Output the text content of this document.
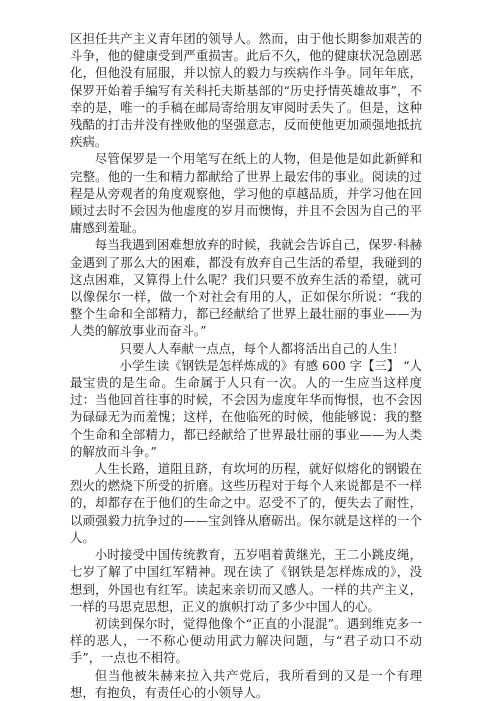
区担任共产主义青年团的领导人。然而，由于他长期参加艰苦的斗争，他的健康受到严重损害。此后不久，他的健康状况急剧恶化，但他没有屈服，并以惊人的毅力与疾病作斗争。同年年底，保罗开始着手编写有关科托夫斯基部的“历史抒情英雄故事”，不幸的是，唯一的手稿在邮局寄给朋友审阅时丢失了。但是，这种残酷的打击并没有挫败他的坚强意志，反而使他更加顽强地抵抗疾病。

尽管保罗是一个用笔写在纸上的人物，但是他是如此新鲜和完整。他的一生和精力都献给了世界上最宏伟的事业。阅读的过程是从旁观者的角度观察他，学习他的卓越品质，并学习他在回顾过去时不会因为他虚度的岁月而懊悔，并且不会因为自己的平庸感到羞耻。

每当我遇到困难想放弃的时候，我就会告诉自己，保罗·科赫金遇到了那么大的困难，都没有放弃自己生活的希望，我碰到的这点困难，又算得上什么呢？我们只要不放弃生活的希望，就可以像保尔一样，做一个对社会有用的人，正如保尔所说：“我的整个生命和全部精力，都已经献给了世界上最壮丽的事业——为人类的解放事业而奋斗。”

只要人人奉献一点点，每个人都将活出自己的人生！

小学生读《钢铁是怎样炼成的》有感 600 字【三】 “人最宝贵的是生命。生命属于人只有一次。人的一生应当这样度过：当他回首往事的时候，不会因为虚度年华而悔恨，也不会因为碌碌无为而羞愧；这样，在他临死的时候，他能够说：我的整个生命和全部精力，都已经献给了世界最壮丽的事业——为人类的解放而斗争。”

人生长路，道阻且跻，有坎坷的历程，就好似熔化的钢锻在烈火的燃烧下所受的折磨。这些历程对于每个人来说都是不一样的，却都存在于他们的生命之中。忍受不了的，便失去了耐性，以顽强毅力抗争过的——宝剑锋从磨砺出。保尔就是这样的一个人。

小时接受中国传统教育，五岁唱着黄继光，王二小跳皮绳，七岁了解了中国红军精神。现在读了《钢铁是怎样炼成的》，没想到，外国也有红军。读起来亲切而又感人。一样的共产主义，一样的马思克思想，正义的旗帜打动了多少中国人的心。

初读到保尔时，觉得他像个“正直的小混混”。遇到维克多一样的恶人，一不称心便动用武力解决问题，与“君子动口不动手”，一点也不相符。

但当他被朱赫来拉入共产党后，我所看到的又是一个有理想，有抱负，有责任心的小领导人。
